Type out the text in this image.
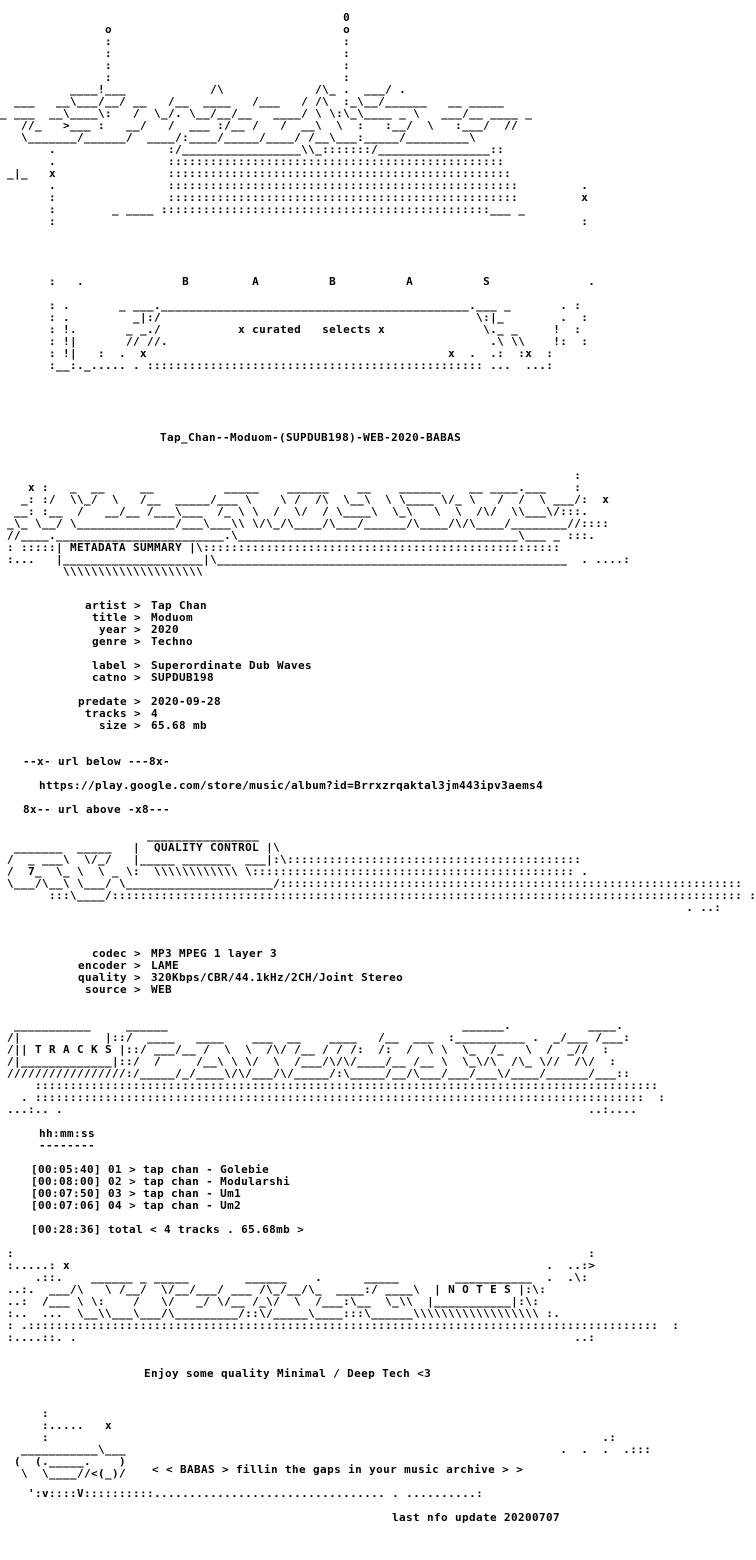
0
o                                 o
:                                 :
:                                 :
:                                 :
:                                 :
____!___            /\             /\_ .  ___/ .
___   __\___/__/ __   /__  ____   /___   / /\  :_\__/______   __ _____
_ ___  __\____\:   /  \_/. \__/__/__   ____/ \ \:\_\____ _ \   ___/__ ____ _
//_   >___ :   __/   /  ___ :/__ /   /  __\  \  :   :__/  \   :___/  //
\_______/______/  ____/:____/_____/____/ /__\___:_____/_________\
.                :/_________________\\_:::::::/________________::
.                ::::::::::::::::::::::::::::::::::::::::::::::::
_|_   x                :::::::::::::::::::::::::::::::::::::::::::::::::
.                ::::::::::::::::::::::::::::::::::::::::::::::::::         .
:                ::::::::::::::::::::::::::::::::::::::::::::::::::         x
:        _ ____ :::::::::::::::::::::::::::::::::::::::::::::::___ _
:                                                                           :
:   .              B         A          B          A          S              .
: .       _ ___.____________________________________________.___ _       . :
: .         _|:/                                             \:|_        .  :
: !.       _ _./           x curated   selects x              \._ _     !  :
: !|       // //.                                              .\ \\    !:  :
: !|   :  .  x                                           x  .  .:  :x  :
:__:._..... . :::::::::::::::::::::::::::::::::::::::::::::::: ...  ...:
Tap_Chan--Moduom-(SUPDUB198)-WEB-2020-BABAS
:
x :   _  __     __          _____    ______    __    ______    __ ____.___    :
_: :/  \\_/  \   /__  _____/___ \    \ /  /\  \__\  \ \____ \/_ \   /  /  \ ___/:  x
__: :__  /   __/__ /___\___  /_ \ \  /  \/  / \____\  \_\   \  \  /\/  \\___\/:::.
_\_ \__/ \______________/___\___\\ \/\_/\____/\___/______/\____/\/\____/________//::::
//____.________________________.\________________________________________\___ _ :::.
: :::::| METADATA SUMMARY |\:::::::::::::::::::::::::::::::::::::::::::::::::::
:...   |____________________|\__________________________________________________  . ....:
\\\\\\\\\\\\\\\\\\\\
artist > Tap Chan
title > Moduom
year > 2020
genre > Techno
label > Superordinate Dub Waves
catno > SUPDUB198
predate > 2020-09-28
tracks > 4
size > 65.68 mb
--x- url below ---8x-
https://play.google.com/store/music/album?id=Brrxzrqaktal3jm443ipv3aems4
8x-- url above -x8---
________________
_______  _____   |  QUALITY CONTROL |\
/  _ ___\  \/_/   |_____ _______  ___|:\::::::::::::::::::::::::::::::::::::::::::
/  7_  \_ \  \ _ \:  \\\\\\\\\\\\ \:::::::::::::::::::::::::::::::::::::::::::::: .
\___/\__\ \___/ \_____________________/::::::::::::::::::::::::::::::::::::::::::::::::::::::::::::::::::
:::\____/:::::::::::::::::::::::::::::::::::::::::::::::::::::::::::::::::::::::::::::::::::::::::: :
. ..:
codec > MP3 MPEG 1 layer 3
encoder > LAME
quality > 320Kbps/CBR/44.1kHz/2CH/Joint Stereo
source > WEB
___________     ______                                          ______.           ____.
/|            |::/  ____   ____    ___  __    ____   /__  ___  :__________ .  _/___ /___:
/|| T R A C K S |::/ ___/__ /  \  \  /\/ /__ / / /:  /:  /  \ \  \_  /_   \  /  _//  :
/|_____________|::/  /     /__\ \ \/  \  /___/\/\/____/__ /__ \  \_\/\  /\_ \//  /\/  :
/////////////////:/_____/_/____\/\/___/\/_____/:\_____/__/\___/___/___\/____/______/___::
:::::::::::::::::::::::::::::::::::::::::::::::::::::::::::::::::::::::::::::::::::::::::
. :::::::::::::::::::::::::::::::::::::::::::::::::::::::::::::::::::::::::::::::::::::::  :
...:.. .                                                                           ..:....
hh:mm:ss
--------
[00:05:40] 01 > tap chan - Golebie
[00:08:00] 02 > tap chan - Modularshi
[00:07:50] 03 > tap chan - Um1
[00:07:06] 04 > tap chan - Um2
[00:28:36] total < 4 tracks . 65.68mb >
:                                                                                  :
:.....: x                                                                    .  ..:>
.::.    ______ _ _____        ______    .      _____        ___________  .  .\:
..:.  ___/\   \ /__/  \/__/___/ ___ /\_/__/\_  ____:/ ____\  | N O T E S |:\:
..:  /___ \ \:    /   \/   _/ \/__ /_\/  \  /___:\__  \_\\  |___________|:\:
:..  ...  \__\\___\___/\_________/::\/_____\____:::\______\\\\\\\\\\\\\\\\\\ :.
: .::::::::::::::::::::::::::::::::::::::::::::::::::::::::::::::::::::::::::::::::::::::::::  :
:....::. .                                                                       ..:
Enjoy some quality Minimal / Deep Tech <3
:
:.....   x
:                                                                               .:
___________\___                                                              .  .  .  .:::
(  (._____.    )
\  \____//<(_)/	< < BABAS > fillin the gaps in your music archive > >
':v::::V::::::::::................................. . ..........:
last nfo update 20200707
